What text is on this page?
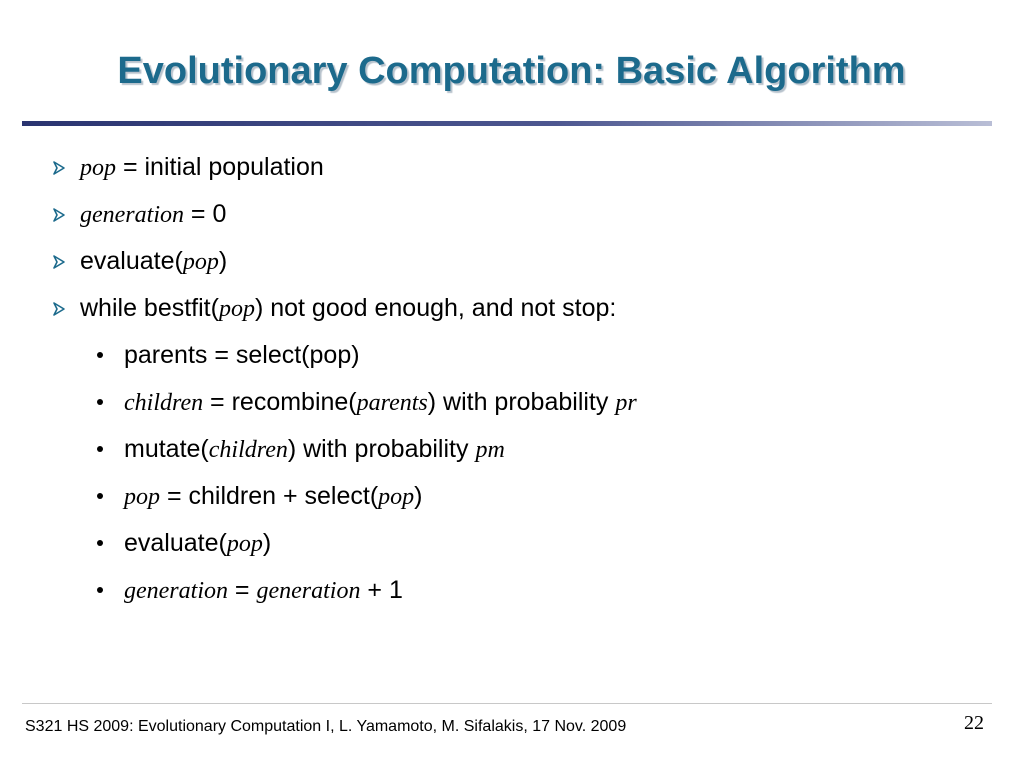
Evolutionary Computation: Basic Algorithm
pop = initial population
generation = 0
evaluate(pop)
while bestfit(pop) not good enough, and not stop:
parents = select(pop)
children = recombine(parents) with probability pr
mutate(children) with probability pm
pop = children + select(pop)
evaluate(pop)
generation = generation + 1
S321 HS 2009: Evolutionary Computation I, L. Yamamoto, M. Sifalakis, 17 Nov. 2009	22
